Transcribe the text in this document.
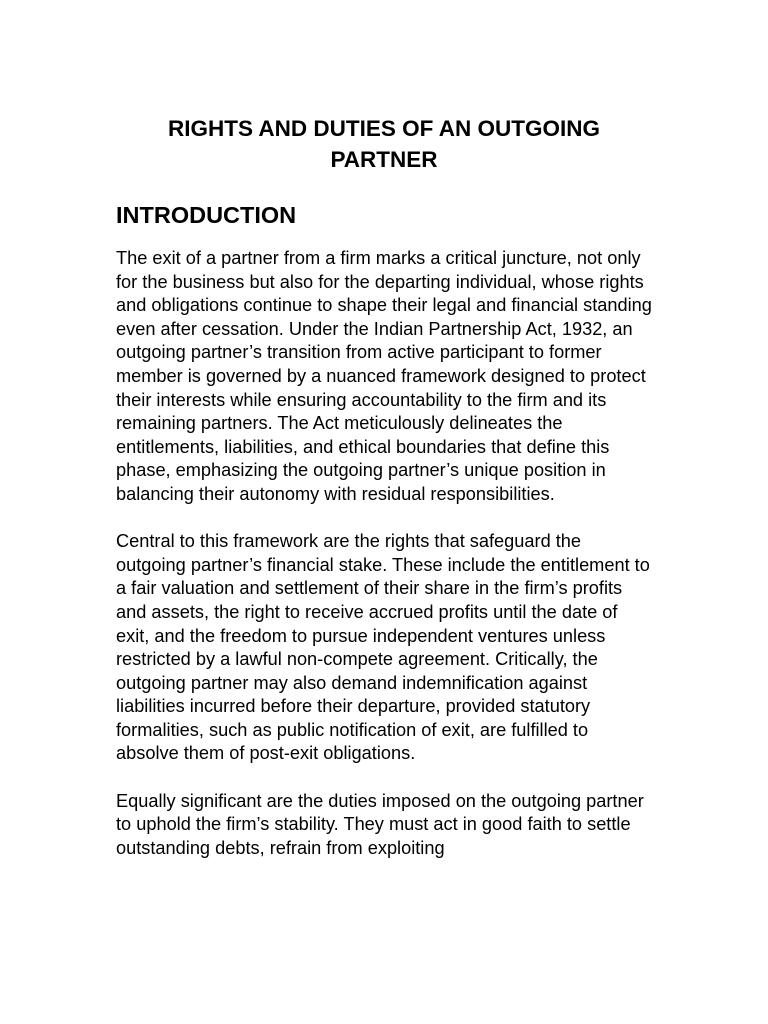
RIGHTS AND DUTIES OF AN OUTGOING PARTNER
INTRODUCTION

The exit of a partner from a firm marks a critical juncture, not only for the business but also for the departing individual, whose rights and obligations continue to shape their legal and financial standing even after cessation. Under the Indian Partnership Act, 1932, an outgoing partner’s transition from active participant to former member is governed by a nuanced framework designed to protect their interests while ensuring accountability to the firm and its remaining partners. The Act meticulously delineates the entitlements, liabilities, and ethical boundaries that define this phase, emphasizing the outgoing partner’s unique position in balancing their autonomy with residual responsibilities.

Central to this framework are the rights that safeguard the outgoing partner’s financial stake. These include the entitlement to a fair valuation and settlement of their share in the firm’s profits and assets, the right to receive accrued profits until the date of exit, and the freedom to pursue independent ventures unless restricted by a lawful non-compete agreement. Critically, the outgoing partner may also demand indemnification against liabilities incurred before their departure, provided statutory formalities, such as public notification of exit, are fulfilled to absolve them of post-exit obligations.

Equally significant are the duties imposed on the outgoing partner to uphold the firm’s stability. They must act in good faith to settle outstanding debts, refrain from exploiting
